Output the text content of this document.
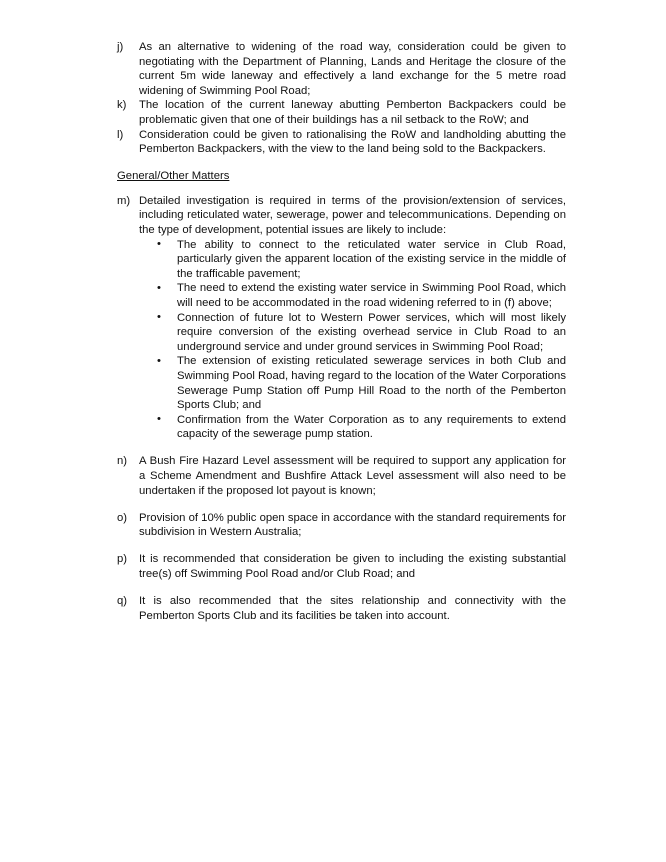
j) As an alternative to widening of the road way, consideration could be given to negotiating with the Department of Planning, Lands and Heritage the closure of the current 5m wide laneway and effectively a land exchange for the 5 metre road widening of Swimming Pool Road;
k) The location of the current laneway abutting Pemberton Backpackers could be problematic given that one of their buildings has a nil setback to the RoW; and
l) Consideration could be given to rationalising the RoW and landholding abutting the Pemberton Backpackers, with the view to the land being sold to the Backpackers.
General/Other Matters
m) Detailed investigation is required in terms of the provision/extension of services, including reticulated water, sewerage, power and telecommunications. Depending on the type of development, potential issues are likely to include:
• The ability to connect to the reticulated water service in Club Road, particularly given the apparent location of the existing service in the middle of the trafficable pavement;
• The need to extend the existing water service in Swimming Pool Road, which will need to be accommodated in the road widening referred to in (f) above;
• Connection of future lot to Western Power services, which will most likely require conversion of the existing overhead service in Club Road to an underground service and under ground services in Swimming Pool Road;
• The extension of existing reticulated sewerage services in both Club and Swimming Pool Road, having regard to the location of the Water Corporations Sewerage Pump Station off Pump Hill Road to the north of the Pemberton Sports Club; and
• Confirmation from the Water Corporation as to any requirements to extend capacity of the sewerage pump station.
n) A Bush Fire Hazard Level assessment will be required to support any application for a Scheme Amendment and Bushfire Attack Level assessment will also need to be undertaken if the proposed lot payout is known;
o) Provision of 10% public open space in accordance with the standard requirements for subdivision in Western Australia;
p) It is recommended that consideration be given to including the existing substantial tree(s) off Swimming Pool Road and/or Club Road; and
q) It is also recommended that the sites relationship and connectivity with the Pemberton Sports Club and its facilities be taken into account.
